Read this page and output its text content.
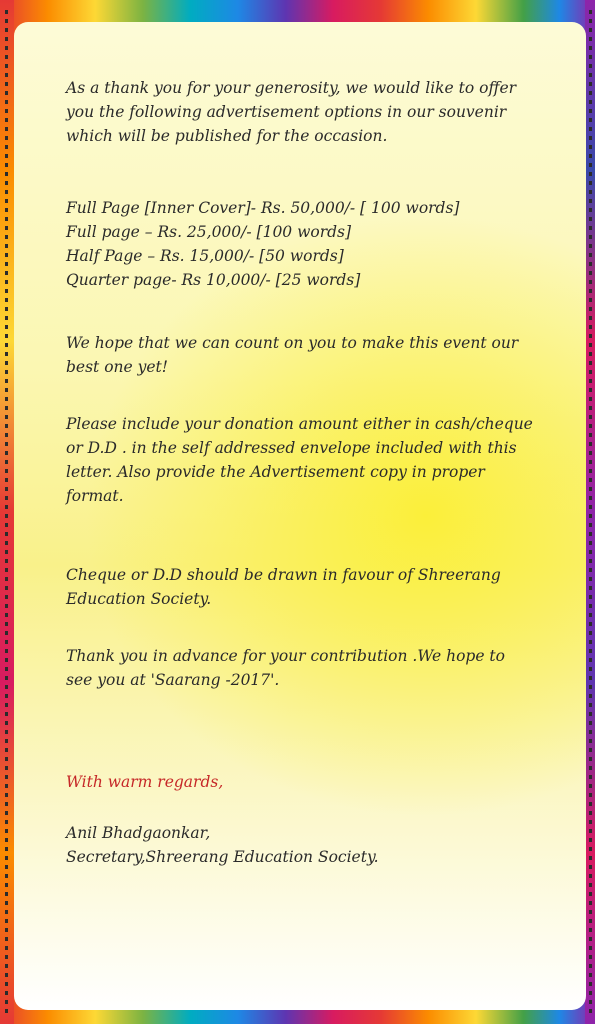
As a thank you for your generosity, we would like to offer
you the following advertisement options in our souvenir
which will be published for the occasion.

Full Page [Inner Cover]- Rs. 50,000/- [ 100 words]
Full page – Rs. 25,000/- [100 words]
Half Page – Rs. 15,000/- [50 words]
Quarter page- Rs 10,000/- [25 words]

We hope that we can count on you to make this event our
best one yet!

Please include your donation amount either in cash/cheque
or D.D . in the self addressed envelope included with this
letter. Also provide the Advertisement copy in proper
format.

Cheque or D.D should be drawn in favour of Shreerang
Education Society.

Thank you in advance for your contribution .We hope to
see you at 'Saarang -2017'.

With warm regards,

Anil Bhadgaonkar,
Secretary,Shreerang Education Society.
